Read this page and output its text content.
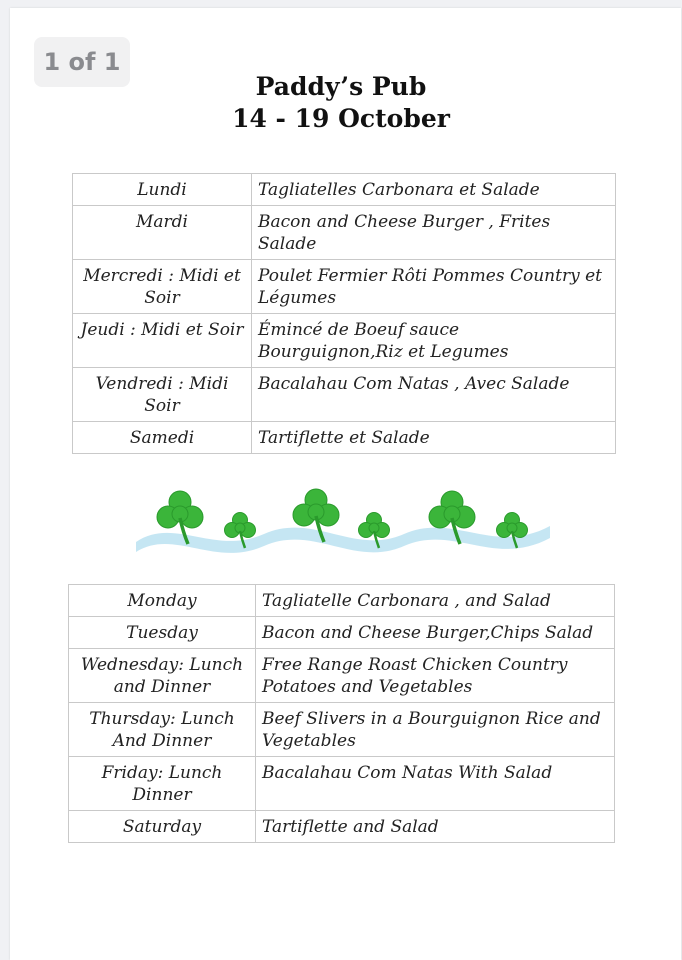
1 of 1
Paddy’s Pub
14 - 19 October
Lundi	Tagliatelles Carbonara et Salade
Mardi	Bacon and Cheese Burger , Frites Salade
Mercredi : Midi et Soir	Poulet Fermier Rôti Pommes Country et Légumes
Jeudi : Midi et Soir	Émincé de Boeuf sauce Bourguignon,Riz et Legumes
Vendredi : Midi Soir	Bacalahau Com Natas , Avec Salade
Samedi	Tartiflette et Salade
Monday	Tagliatelle Carbonara , and Salad
Tuesday	Bacon and Cheese Burger,Chips Salad
Wednesday: Lunch and Dinner	Free Range Roast Chicken Country Potatoes and Vegetables
Thursday: Lunch And Dinner	Beef Slivers in a Bourguignon Rice and Vegetables
Friday: Lunch Dinner	Bacalahau Com Natas With Salad
Saturday	Tartiflette and Salad
